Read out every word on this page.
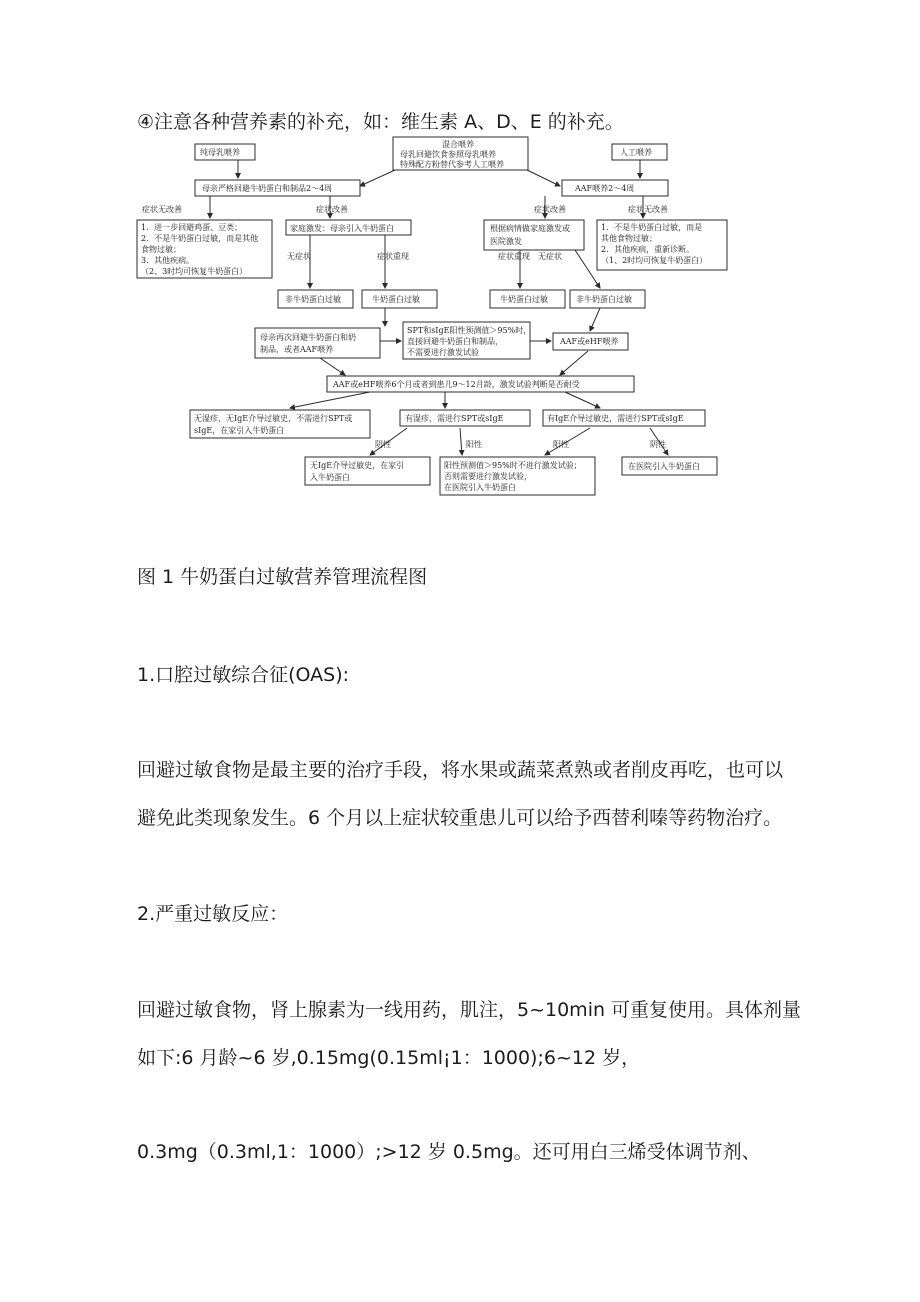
④注意各种营养素的补充，如：维生素 A、D、E 的补充。
症状无改善	症状改善	症状改善	症状无改善
无症状	症状重现	症状重现 无症状
阴性	阳性	阳性	阴性
纯母乳喂养
混合喂养
母乳回避饮食参照母乳喂养
特殊配方粉替代参考人工喂养
人工喂养
母亲严格回避牛奶蛋白和制品2～4周	AAF喂养2～4周
1．进一步回避鸡蛋、豆类；
2．不是牛奶蛋白过敏，而是其他
食物过敏；
3．其他疾病。
（2、3时均可恢复牛奶蛋白）
家庭激发：母亲引入牛奶蛋白	根据病情做家庭激发或
医院激发
1．不是牛奶蛋白过敏，而是
其他食物过敏；
2．其他疾病，重新诊断。
（1、2时均可恢复牛奶蛋白）
非牛奶蛋白过敏	牛奶蛋白过敏	牛奶蛋白过敏	非牛奶蛋白过敏
母亲再次回避牛奶蛋白和奶
制品，或者AAF喂养
SPT和sIgE阳性预测值＞95%时，
直接回避牛奶蛋白和制品，
不需要进行激发试验
AAF或eHF喂养
AAF或eHF喂养6个月或者到患儿9～12月龄，激发试验判断是否耐受
无湿疹，无IgE介导过敏史，不需进行SPT或
sIgE，在家引入牛奶蛋白
有湿疹，需进行SPT或sIgE	有IgE介导过敏史，需进行SPT或sIgE
无IgE介导过敏史，在家引
入牛奶蛋白
阳性预测值＞95%时不进行激发试验；
否则需要进行激发试验，
在医院引入牛奶蛋白
在医院引入牛奶蛋白
图 1 牛奶蛋白过敏营养管理流程图
1.口腔过敏综合征(OAS):
回避过敏食物是最主要的治疗手段，将水果或蔬菜煮熟或者削皮再吃，也可以
避免此类现象发生。6 个月以上症状较重患儿可以给予西替利嗪等药物治疗。
2.严重过敏反应：
回避过敏食物，肾上腺素为一线用药，肌注，5~10min 可重复使用。具体剂量
如下:6 月龄~6 岁,0.15mg(0.15ml¡1：1000);6~12 岁，
0.3mg（0.3ml,1：1000）;>12 岁 0.5mg。还可用白三烯受体调节剂、
